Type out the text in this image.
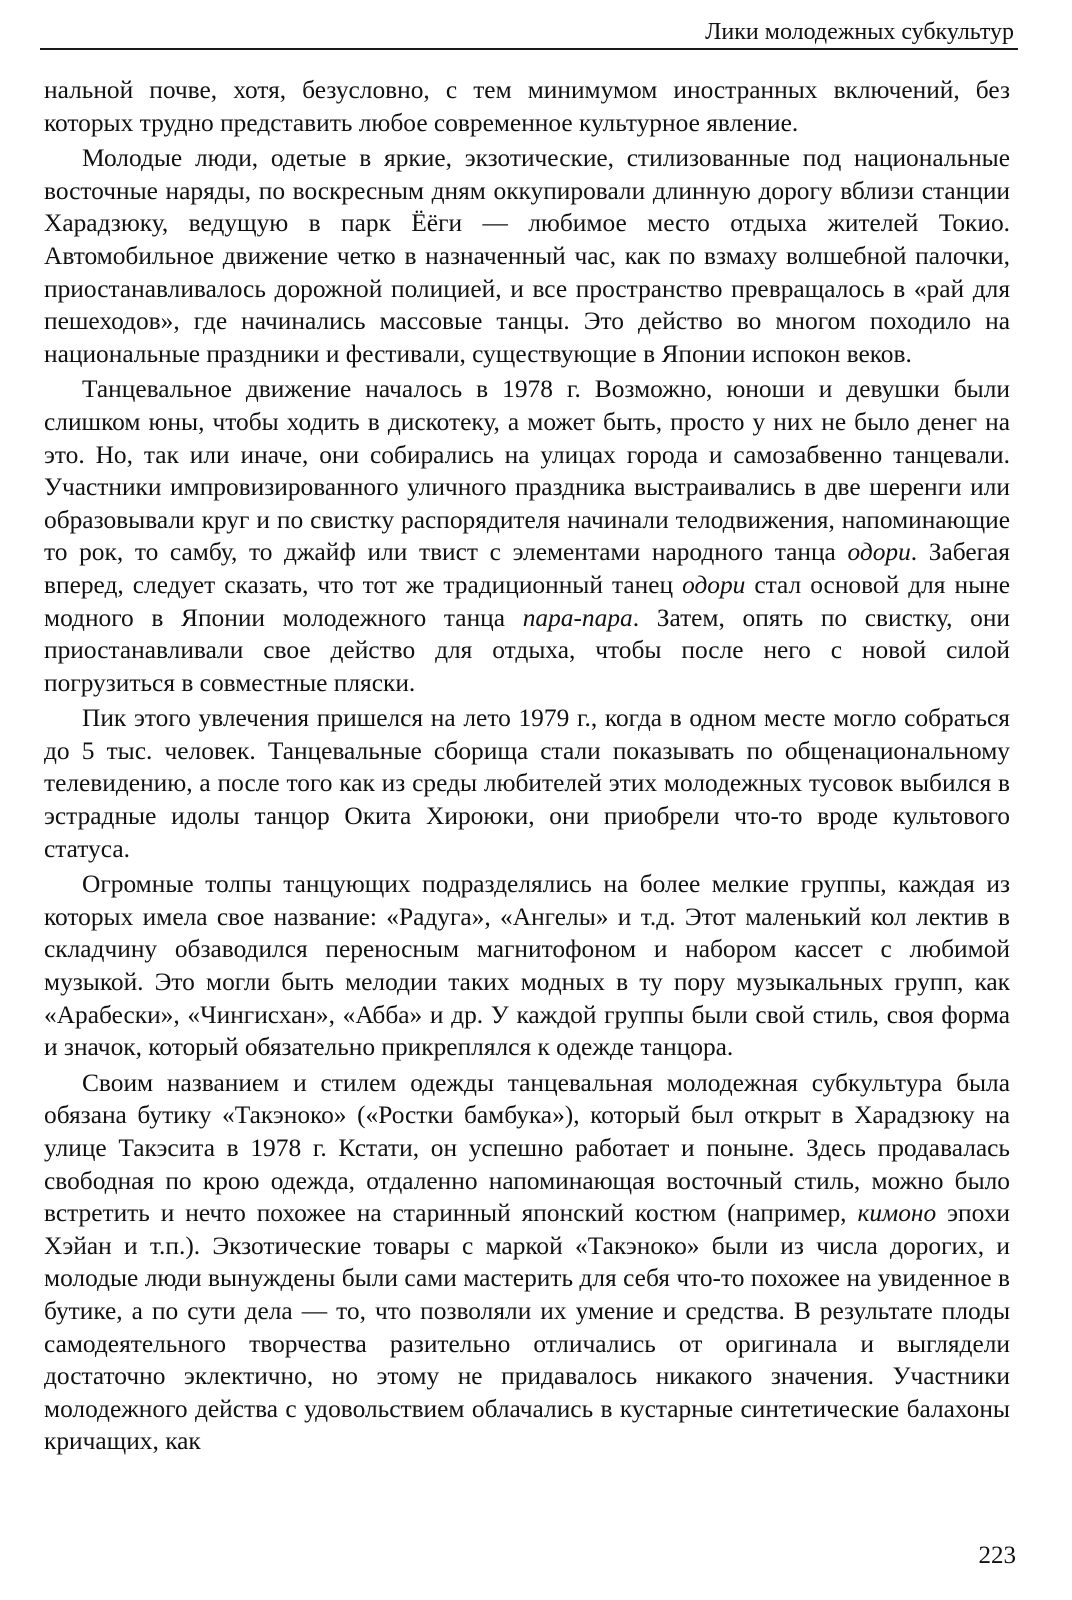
Лики молодежных субкультур

нальной почве, хотя, безусловно, с тем минимумом иностранных включений, без которых трудно представить любое современное культурное явление.

Молодые люди, одетые в яркие, экзотические, стилизованные под национальные восточные наряды, по воскресным дням оккупировали длинную дорогу вблизи станции Харадзюку, ведущую в парк Ёёги — любимое место отдыха жителей Токио. Автомобильное движение четко в назначенный час, как по взмаху волшебной палочки, приостанавливалось дорожной полицией, и все пространство превращалось в «рай для пешеходов», где начинались массовые танцы. Это действо во многом походило на национальные праздники и фестивали, существующие в Японии испокон веков.

Танцевальное движение началось в 1978 г. Возможно, юноши и девушки были слишком юны, чтобы ходить в дискотеку, а может быть, просто у них не было денег на это. Но, так или иначе, они собирались на улицах города и самозабвенно танцевали. Участники импровизированного уличного праздника выстраивались в две шеренги или образовывали круг и по свистку распорядителя начинали телодвижения, напоминающие то рок, то самбу, то джайф или твист с элементами народного танца одори. Забегая вперед, следует сказать, что тот же традиционный танец одори стал основой для ныне модного в Японии молодежного танца пара-пара. Затем, опять по свистку, они приостанавливали свое действо для отдыха, чтобы после него с новой силой погрузиться в совместные пляски.

Пик этого увлечения пришелся на лето 1979 г., когда в одном месте могло собраться до 5 тыс. человек. Танцевальные сборища стали показывать по общенациональному телевидению, а после того как из среды любителей этих молодежных тусовок выбился в эстрадные идолы танцор Окита Хироюки, они приобрели что-то вроде культового статуса.

Огромные толпы танцующих подразделялись на более мелкие группы, каждая из которых имела свое название: «Радуга», «Ангелы» и т.д. Этот маленький кол лектив в складчину обзаводился переносным магнитофоном и набором кассет с любимой музыкой. Это могли быть мелодии таких модных в ту пору музыкальных групп, как «Арабески», «Чингисхан», «Абба» и др. У каждой группы были свой стиль, своя форма и значок, который обязательно прикреплялся к одежде танцора.

Своим названием и стилем одежды танцевальная молодежная субкультура была обязана бутику «Такэноко» («Ростки бамбука»), который был открыт в Харадзюку на улице Такэсита в 1978 г. Кстати, он успешно работает и поныне. Здесь продавалась свободная по крою одежда, отдаленно напоминающая восточный стиль, можно было встретить и нечто похожее на старинный японский костюм (например, кимоно эпохи Хэйан и т.п.). Экзотические товары с маркой «Такэноко» были из числа дорогих, и молодые люди вынуждены были сами мастерить для себя что-то похожее на увиденное в бутике, а по сути дела — то, что позволяли их умение и средства. В результате плоды самодеятельного творчества разительно отличались от оригинала и выглядели достаточно эклектично, но этому не придавалось никакого значения. Участники молодежного действа с удовольствием облачались в кустарные синтетические балахоны кричащих, как

223
